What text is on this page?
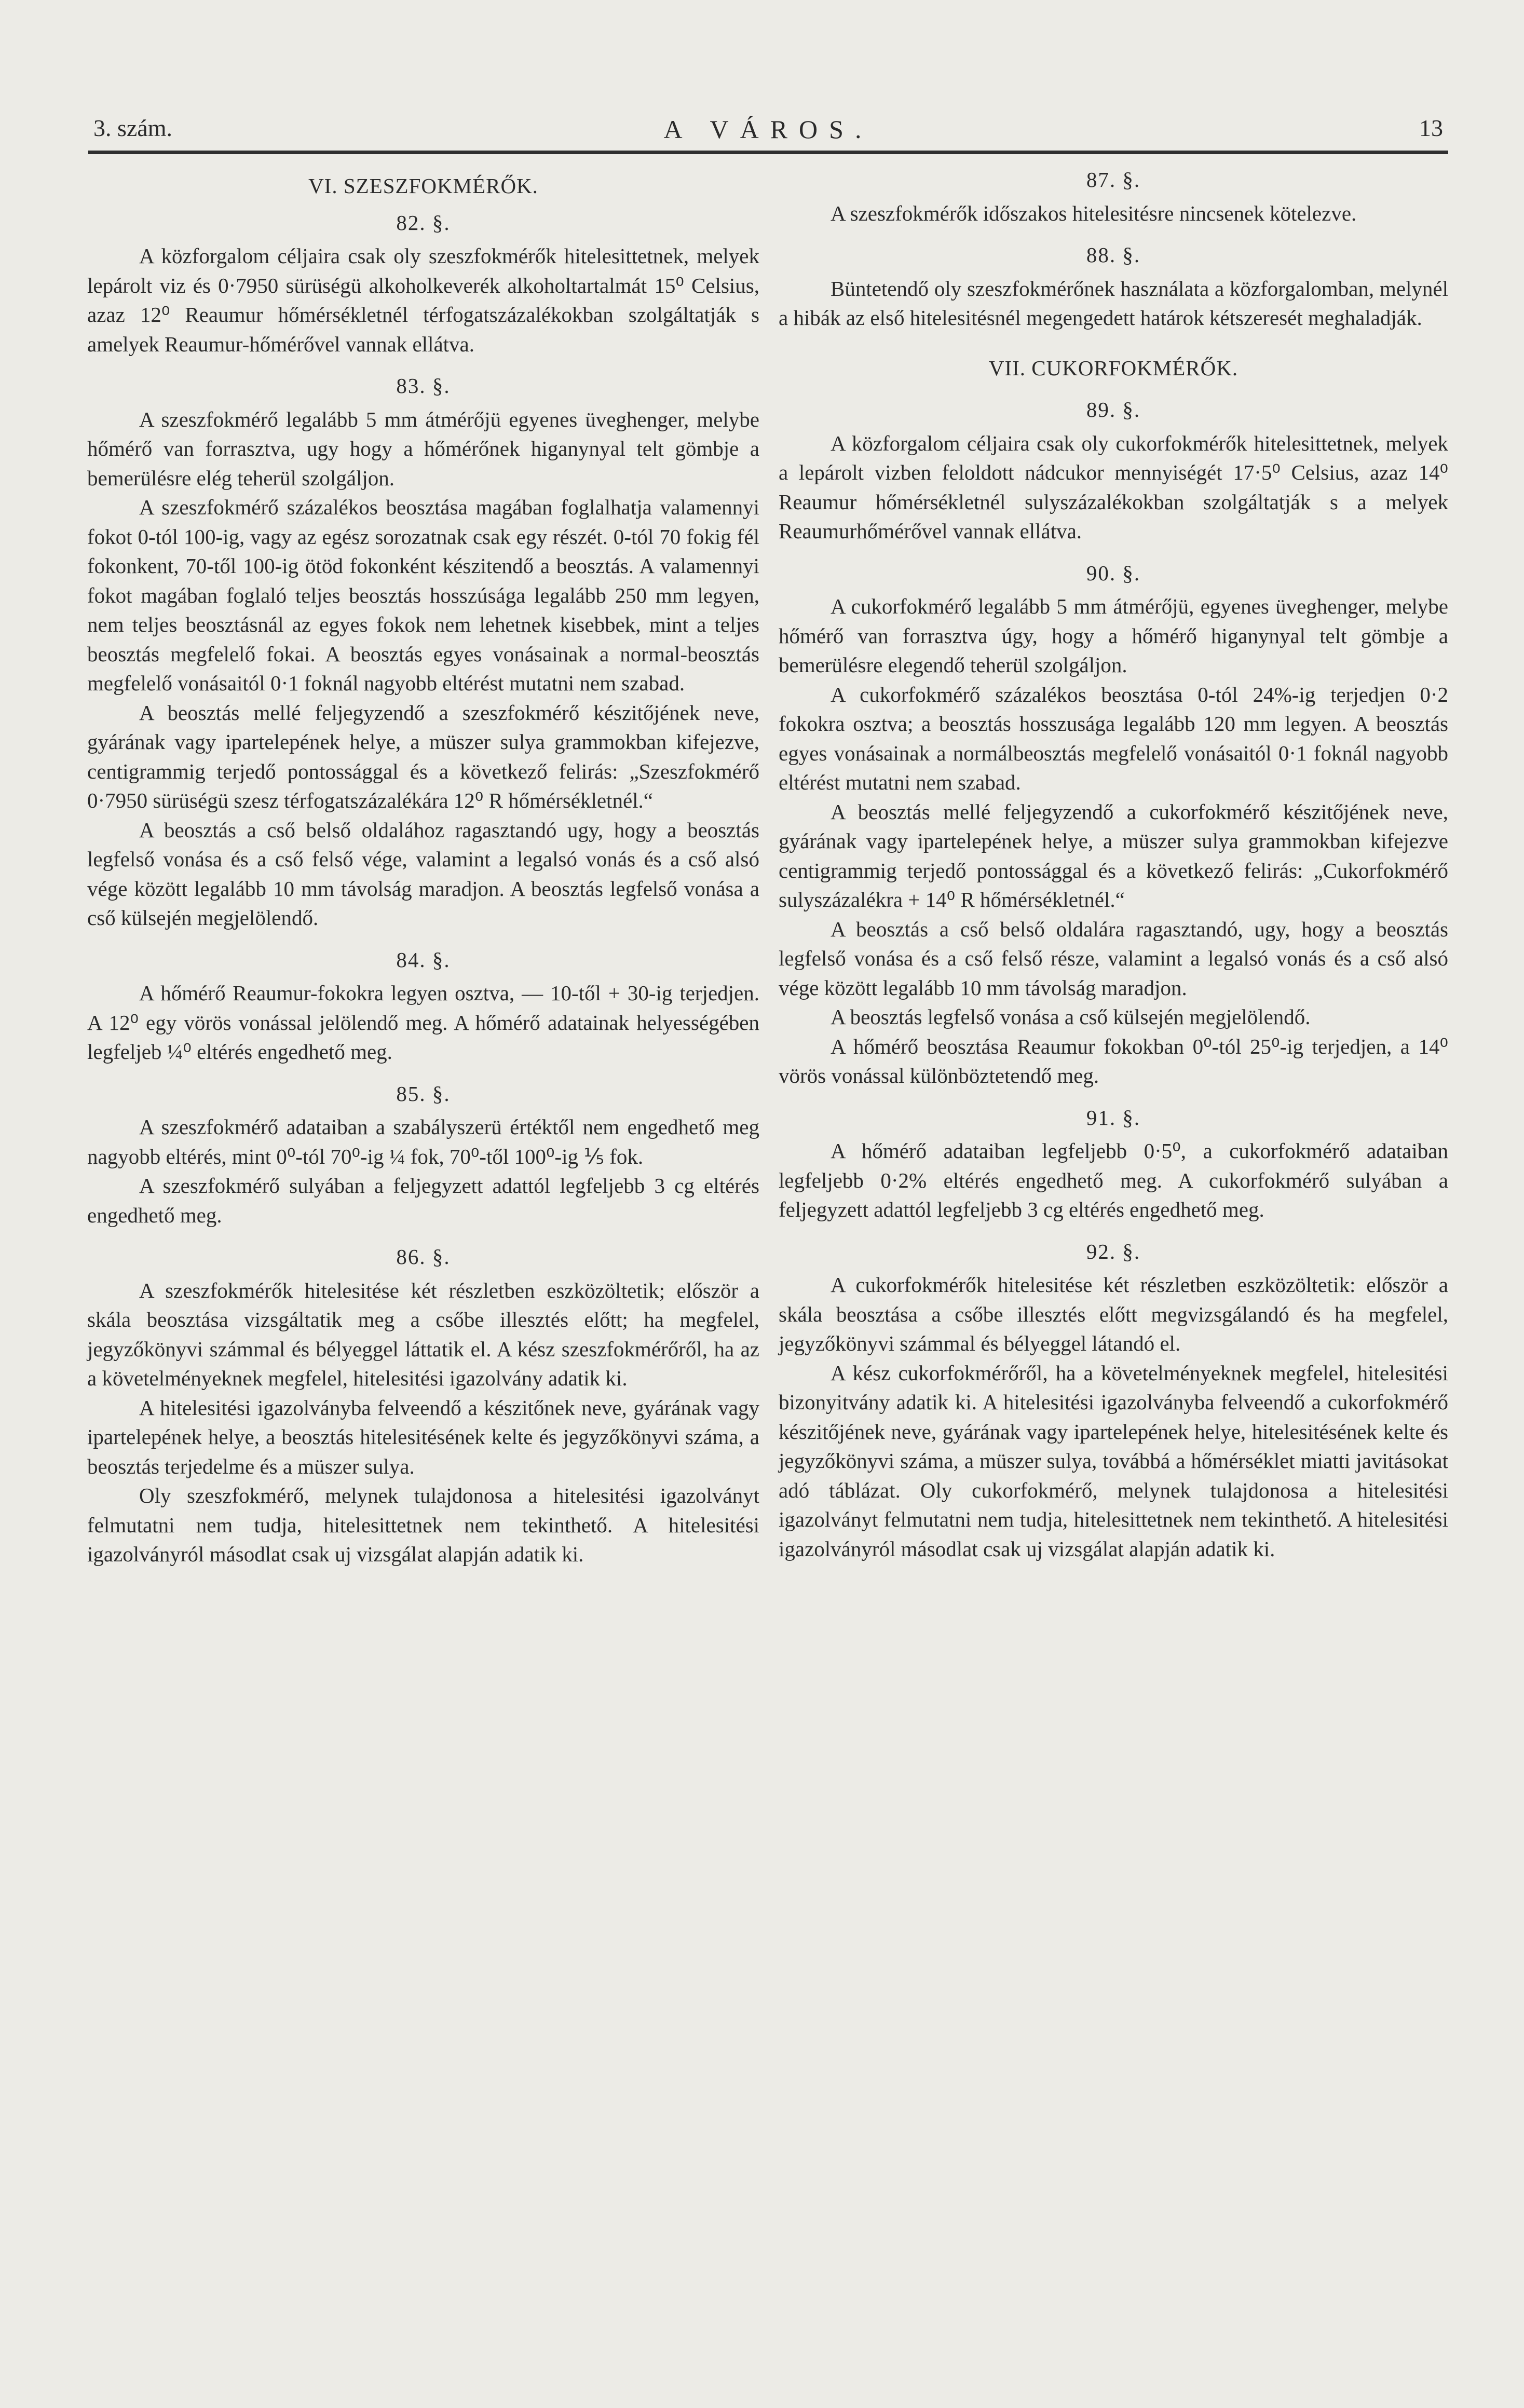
3. szám.	A VÁROS.	13
VI. SZESZFOKMÉRŐK.
82. §.

A közforgalom céljaira csak oly szeszfokmérők hitelesittetnek, melyek lepárolt viz és 0·7950 sürüségü alkoholkeverék alkoholtartalmát 15⁰ Celsius, azaz 12⁰ Reaumur hőmérsékletnél térfogatszázalékokban szolgáltatják s amelyek Reaumur-hőmérővel vannak ellátva.

83. §.

A szeszfokmérő legalább 5 mm átmérőjü egyenes üveghenger, melybe hőmérő van forrasztva, ugy hogy a hőmérőnek higanynyal telt gömbje a bemerülésre elég teherül szolgáljon.

A szeszfokmérő százalékos beosztása magában foglalhatja valamennyi fokot 0-tól 100-ig, vagy az egész sorozatnak csak egy részét. 0-tól 70 fokig fél fokonkent, 70-től 100-ig ötöd fokonként készitendő a beosztás. A valamennyi fokot magában foglaló teljes beosztás hosszúsága legalább 250 mm legyen, nem teljes beosztásnál az egyes fokok nem lehetnek kisebbek, mint a teljes beosztás megfelelő fokai. A beosztás egyes vonásainak a normal-beosztás megfelelő vonásaitól 0·1 foknál nagyobb eltérést mutatni nem szabad.

A beosztás mellé feljegyzendő a szeszfokmérő készitőjének neve, gyárának vagy ipartelepének helye, a müszer sulya grammokban kifejezve, centigrammig terjedő pontossággal és a következő felirás: „Szeszfokmérő 0·7950 sürüségü szesz térfogatszázalékára 12⁰ R hőmérsékletnél.“

A beosztás a cső belső oldalához ragasztandó ugy, hogy a beosztás legfelső vonása és a cső felső vége, valamint a legalsó vonás és a cső alsó vége között legalább 10 mm távolság maradjon. A beosztás legfelső vonása a cső külsején megjelölendő.

84. §.

A hőmérő Reaumur-fokokra legyen osztva, — 10-től + 30-ig terjedjen. A 12⁰ egy vörös vonással jelölendő meg. A hőmérő adatainak helyességében legfeljeb ¼⁰ eltérés engedhető meg.

85. §.

A szeszfokmérő adataiban a szabályszerü értéktől nem engedhető meg nagyobb eltérés, mint 0⁰-tól 70⁰-ig ¼ fok, 70⁰-től 100⁰-ig ⅕ fok.

A szeszfokmérő sulyában a feljegyzett adattól legfeljebb 3 cg eltérés engedhető meg.

86. §.

A szeszfokmérők hitelesitése két részletben eszközöltetik; először a skála beosztása vizsgáltatik meg a csőbe illesztés előtt; ha megfelel, jegyzőkönyvi számmal és bélyeggel láttatik el. A kész szeszfokmérőről, ha az a követelményeknek megfelel, hitelesitési igazolvány adatik ki.

A hitelesitési igazolványba felveendő a készitőnek neve, gyárának vagy ipartelepének helye, a beosztás hitelesitésének kelte és jegyzőkönyvi száma, a beosztás terjedelme és a müszer sulya.

Oly szeszfokmérő, melynek tulajdonosa a hitelesitési igazolványt felmutatni nem tudja, hitelesittetnek nem tekinthető. A hitelesitési igazolványról másodlat csak uj vizsgálat alapján adatik ki.

87. §.

A szeszfokmérők időszakos hitelesitésre nincsenek kötelezve.

88. §.

Büntetendő oly szeszfokmérőnek használata a közforgalomban, melynél a hibák az első hitelesitésnél megengedett határok kétszeresét meghaladják.

VII. CUKORFOKMÉRŐK.
89. §.

A közforgalom céljaira csak oly cukorfokmérők hitelesittetnek, melyek a lepárolt vizben feloldott nádcukor mennyiségét 17·5⁰ Celsius, azaz 14⁰ Reaumur hőmérsékletnél sulyszázalékokban szolgáltatják s a melyek Reaumurhőmérővel vannak ellátva.

90. §.

A cukorfokmérő legalább 5 mm átmérőjü, egyenes üveghenger, melybe hőmérő van forrasztva úgy, hogy a hőmérő higanynyal telt gömbje a bemerülésre elegendő teherül szolgáljon.

A cukorfokmérő százalékos beosztása 0-tól 24%-ig terjedjen 0·2 fokokra osztva; a beosztás hosszusága legalább 120 mm legyen. A beosztás egyes vonásainak a normálbeosztás megfelelő vonásaitól 0·1 foknál nagyobb eltérést mutatni nem szabad.

A beosztás mellé feljegyzendő a cukorfokmérő készitőjének neve, gyárának vagy ipartelepének helye, a müszer sulya grammokban kifejezve centigrammig terjedő pontossággal és a következő felirás: „Cukorfokmérő sulyszázalékra + 14⁰ R hőmérsékletnél.“

A beosztás a cső belső oldalára ragasztandó, ugy, hogy a beosztás legfelső vonása és a cső felső része, valamint a legalsó vonás és a cső alsó vége között legalább 10 mm távolság maradjon.

A beosztás legfelső vonása a cső külsején megjelölendő.

A hőmérő beosztása Reaumur fokokban 0⁰-tól 25⁰-ig terjedjen, a 14⁰ vörös vonással különböztetendő meg.

91. §.

A hőmérő adataiban legfeljebb 0·5⁰, a cukorfokmérő adataiban legfeljebb 0·2% eltérés engedhető meg. A cukorfokmérő sulyában a feljegyzett adattól legfeljebb 3 cg eltérés engedhető meg.

92. §.

A cukorfokmérők hitelesitése két részletben eszközöltetik: először a skála beosztása a csőbe illesztés előtt megvizsgálandó és ha megfelel, jegyzőkönyvi számmal és bélyeggel látandó el.

A kész cukorfokmérőről, ha a követelményeknek megfelel, hitelesitési bizonyitvány adatik ki. A hitelesitési igazolványba felveendő a cukorfokmérő készitőjének neve, gyárának vagy ipartelepének helye, hitelesitésének kelte és jegyzőkönyvi száma, a müszer sulya, továbbá a hőmérséklet miatti javitásokat adó táblázat. Oly cukorfokmérő, melynek tulajdonosa a hitelesitési igazolványt felmutatni nem tudja, hitelesittetnek nem tekinthető. A hitelesitési igazolványról másodlat csak uj vizsgálat alapján adatik ki.
